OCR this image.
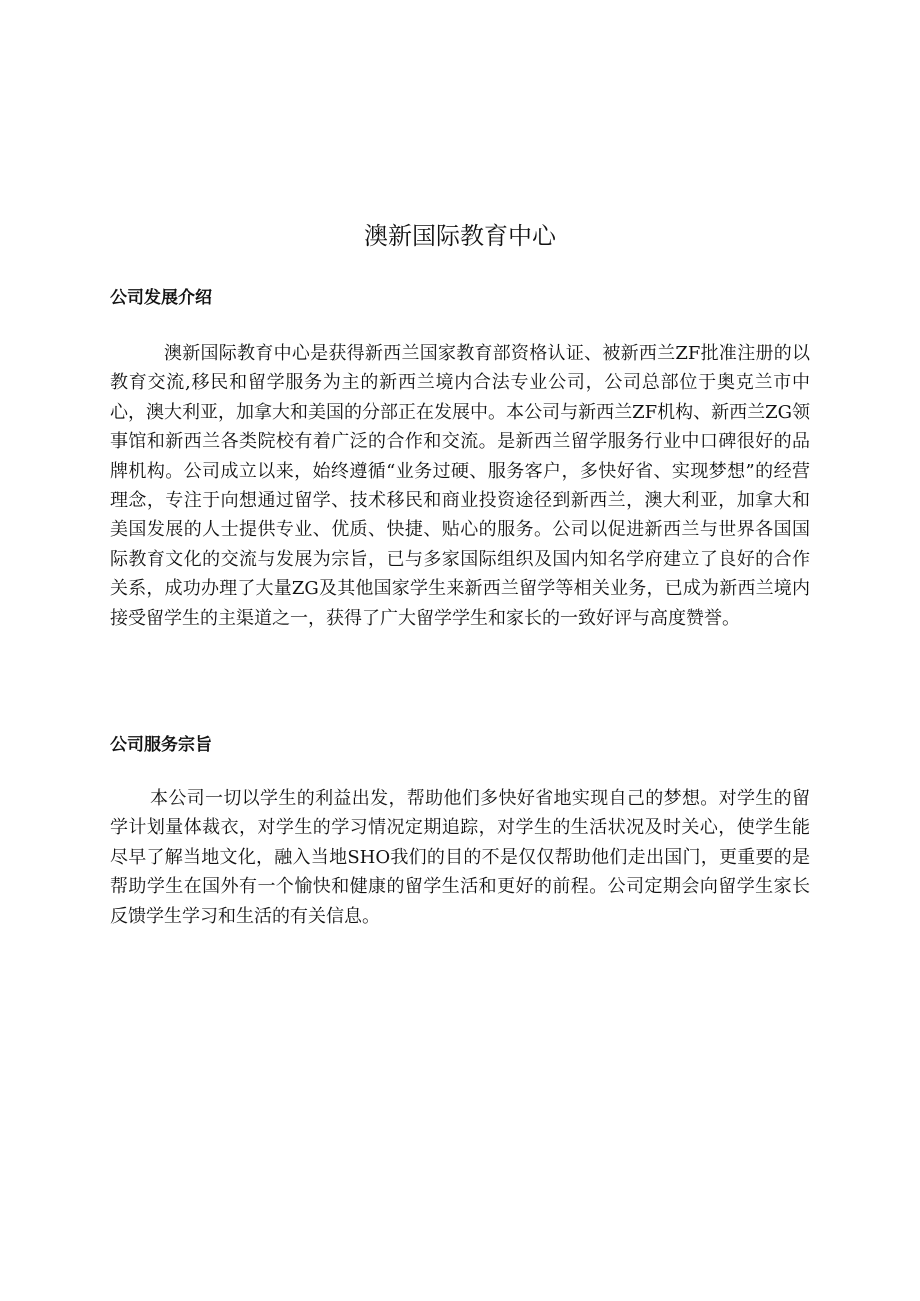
澳新国际教育中心
公司发展介绍

澳新国际教育中心是获得新西兰国家教育部资格认证、被新西兰ZF批准注册的以教育交流,移民和留学服务为主的新西兰境内合法专业公司，公司总部位于奥克兰市中心，澳大利亚，加拿大和美国的分部正在发展中。本公司与新西兰ZF机构、新西兰ZG领事馆和新西兰各类院校有着广泛的合作和交流。是新西兰留学服务行业中口碑很好的品牌机构。公司成立以来，始终遵循“业务过硬、服务客户，多快好省、实现梦想”的经营理念，专注于向想通过留学、技术移民和商业投资途径到新西兰，澳大利亚，加拿大和美国发展的人士提供专业、优质、快捷、贴心的服务。公司以促进新西兰与世界各国国际教育文化的交流与发展为宗旨，已与多家国际组织及国内知名学府建立了良好的合作关系，成功办理了大量ZG及其他国家学生来新西兰留学等相关业务，已成为新西兰境内接受留学生的主渠道之一，获得了广大留学学生和家长的一致好评与高度赞誉。

公司服务宗旨

本公司一切以学生的利益出发，帮助他们多快好省地实现自己的梦想。对学生的留学计划量体裁衣，对学生的学习情况定期追踪，对学生的生活状况及时关心，使学生能尽早了解当地文化，融入当地SHO我们的目的不是仅仅帮助他们走出国门，更重要的是帮助学生在国外有一个愉快和健康的留学生活和更好的前程。公司定期会向留学生家长反馈学生学习和生活的有关信息。
